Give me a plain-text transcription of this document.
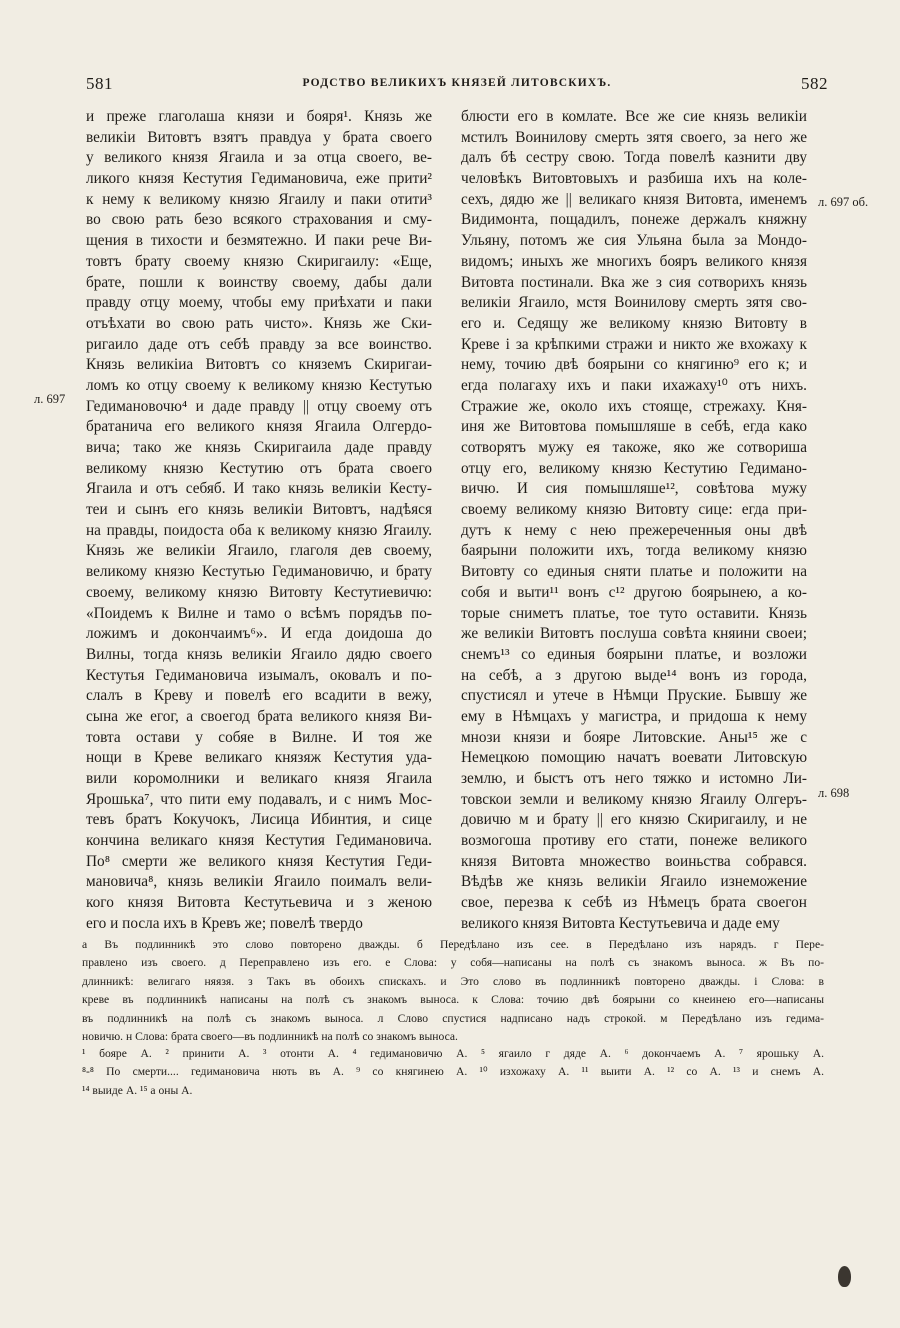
581	РОДСТВО ВЕЛИКИХЪ КНЯЗЕЙ ЛИТОВСКИХЪ.	582
и преже глаголаша князи и бояря¹. Князь же
великіи Витовтъ взятъ правдуа у брата своего
у великого князя Ягаила и за отца своего, ве-
ликого князя Кестутия Гедимановича, еже прити²
к нему к великому князю Ягаилу и паки отити³
во свою рать безо всякого страхования и сму-
щения в тихости и безмятежно. И паки рече Ви-
товтъ брату своему князю Скиригаилу: «Еще,
брате, пошли к воинству своему, дабы дали
правду отцу моему, чтобы ему приѣхати и паки
отъѣхати во свою рать чисто». Князь же Ски-
ригаило даде отъ себѣ правду за все воинство.
Князь великіиа Витовтъ со княземъ Скиригаи-
ломъ ко отцу своему к великому князю Кестутью
Гедимановочю⁴ и даде правду || отцу своему отъ
братанича его великого князя Ягаила Олгердо-
вича; тако же князь Скиригаила даде правду
великому князю Кестутию отъ брата своего
Ягаила и отъ себяб. И тако князь великіи Кесту-
теи и сынъ его князь великіи Витовтъ, надѣяся
на правды, поидоста оба к великому князю Ягаилу.
Князь же великіи Ягаило, глаголя дев своему,
великому князю Кестутью Гедимановичю, и брату
своему, великому князю Витовту Кестутиевичю:
«Поидемъ к Вилне и тамо о всѣмъ порядъв по-
ложимъ и докончаимъ⁶». И егда доидоша до
Вилны, тогда князь великіи Ягаило дядю своего
Кестутья Гедимановича изымалъ, оковалъ и по-
слалъ в Креву и повелѣ его всадити в вежу,
сына же егог, а своегод брата великого князя Ви-
товта остави у собяе в Вилне. И тоя же
нощи в Креве великаго князяж Кестутия уда-
вили коромолники и великаго князя Ягаила
Ярошька⁷, что пити ему подавалъ, и с нимъ Мос-
тевъ братъ Кокучокъ, Лисица Ибинтия, и сице
кончина великаго князя Кестутия Гедимановича.
По⁸ смерти же великого князя Кестутия Геди-
мановича⁸, князь великіи Ягаило поималъ вели-
кого князя Витовта Кестутьевича и з женою
его и посла ихъ в Кревъ же; повелѣ твердо
блюсти его в комлате. Все же сие князь великіи
мстилъ Воинилову смерть зятя своего, за него же
далъ бѣ сестру свою. Тогда повелѣ казнити дву
человѣкъ Витовтовыхъ и разбиша ихъ на коле-
сехъ, дядю же || великаго князя Витовта, именемъ
Видимонта, пощадилъ, понеже держалъ княжну
Ульяну, потомъ же сия Ульяна была за Мондо-
видомъ; иныхъ же многихъ бояръ великого князя
Витовта постинали. Вка же з сия сотворихъ князь
великіи Ягаило, мстя Воинилову смерть зятя сво-
его и. Седящу же великому князю Витовту в
Креве і за крѣпкими стражи и никто же вхожаху к
нему, точию двѣ боярыни со княгиню⁹ его к; и
егда полагаху ихъ и паки ихажаху¹⁰ отъ нихъ.
Стражие же, около ихъ стояще, стрежаху. Кня-
иня же Витовтова помышляше в себѣ, егда како
сотворятъ мужу ея такоже, яко же сотвориша
отцу его, великому князю Кестутию Гедимано-
вичю. И сия помышляше¹², совѣтова мужу
своему великому князю Витовту сице: егда при-
дутъ к нему с нею прежереченныя оны двѣ
баярыни положити ихъ, тогда великому князю
Витовту со единыя сняти платье и положити на
собя и выти¹¹ вонъ с¹² другою боярынею, а ко-
торые сниметъ платье, тое туто оставити. Князь
же великіи Витовтъ послуша совѣта княини своеи;
снемъ¹³ со единыя боярыни платье, и возложи
на себѣ, а з другою выде¹⁴ вонъ из города,
спустисял и утече в Нѣмци Пруские. Бывшу же
ему в Нѣмцахъ у магистра, и придоша к нему
мнози князи и бояре Литовские. Аны¹⁵ же с
Немецкою помощию начатъ воевати Литовскую
землю, и быстъ отъ него тяжко и истомно Ли-
товскои земли и великому князю Ягаилу Олгеръ-
довичю м и брату || его князю Скиригаилу, и не
возмогоша противу его стати, понеже великого
князя Витовта множество воиньства собрався.
Вѣдѣв же князь великіи Ягаило изнеможение
свое, перезва к себѣ из Нѣмецъ брата своегон
великого князя Витовта Кестутьевича и даде ему
л. 697
л. 697 об.
л. 698
а Въ подлинникѣ это слово повторено дважды. б Передѣлано изъ сее. в Передѣлано изъ нарядъ. г Пере-
правлено изъ своего. д Переправлено изъ его. е Слова: у собя—написаны на полѣ съ знакомъ выноса. ж Въ по-
длинникѣ: велигаго няязя. з Такъ въ обоихъ спискахъ. и Это слово въ подлинникѣ повторено дважды. і Слова: в
креве въ подлинникѣ написаны на полѣ съ знакомъ выноса. к Слова: точию двѣ боярыни со кнеинею его—написаны
въ подлинникѣ на полѣ съ знакомъ выноса. л Слово спустися надписано надъ строкой. м Передѣлано изъ гедима-
новичю. н Слова: брата своего—въ подлинникѣ на полѣ со знакомъ выноса.
¹ бояре А. ² принити А. ³ отонти А. ⁴ гедимановичю А. ⁵ ягаило г дяде А. ⁶ докончаемъ А. ⁷ ярошьку А.
⁸-⁸ По смерти.... гедимановича нють въ А. ⁹ со княгинею А. ¹⁰ изхожаху А. ¹¹ выити А. ¹² со А. ¹³ и снемъ А.
¹⁴ выиде А. ¹⁵ а оны А.
